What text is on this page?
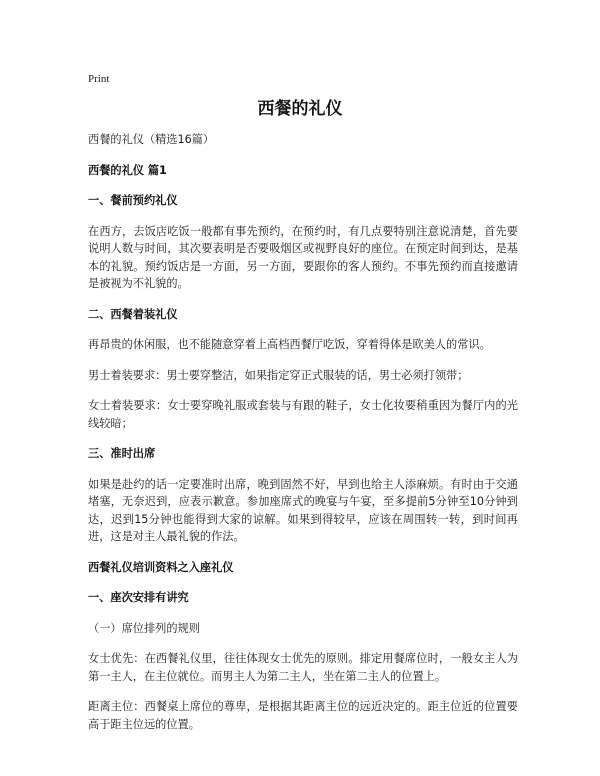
Print
西餐的礼仪

西餐的礼仪（精选16篇）

西餐的礼仪 篇1

一、餐前预约礼仪

在西方，去饭店吃饭一般都有事先预约，在预约时，有几点要特别注意说清楚，首先要说明人数与时间，其次要表明是否要吸烟区或视野良好的座位。在预定时间到达，是基本的礼貌。预约饭店是一方面，另一方面，要跟你的客人预约。不事先预约而直接邀请是被视为不礼貌的。

二、西餐着装礼仪

再昂贵的休闲服，也不能随意穿着上高档西餐厅吃饭，穿着得体是欧美人的常识。

男士着装要求：男士要穿整洁，如果指定穿正式服装的话，男士必须打领带；

女士着装要求：女士要穿晚礼服或套装与有跟的鞋子，女士化妆要稍重因为餐厅内的光线较暗；

三、准时出席

如果是赴约的话一定要准时出席，晚到固然不好，早到也给主人添麻烦。有时由于交通堵塞，无奈迟到，应表示歉意。参加座席式的晚宴与午宴，至多提前5分钟至10分钟到达，迟到15分钟也能得到大家的谅解。如果到得较早，应该在周围转一转，到时间再进，这是对主人最礼貌的作法。

西餐礼仪培训资料之入座礼仪

一、座次安排有讲究

（一）席位排列的规则

女士优先：在西餐礼仪里，往往体现女士优先的原则。排定用餐席位时，一般女主人为第一主人，在主位就位。而男主人为第二主人，坐在第二主人的位置上。

距离主位：西餐桌上席位的尊卑，是根据其距离主位的远近决定的。距主位近的位置要高于距主位远的位置。
